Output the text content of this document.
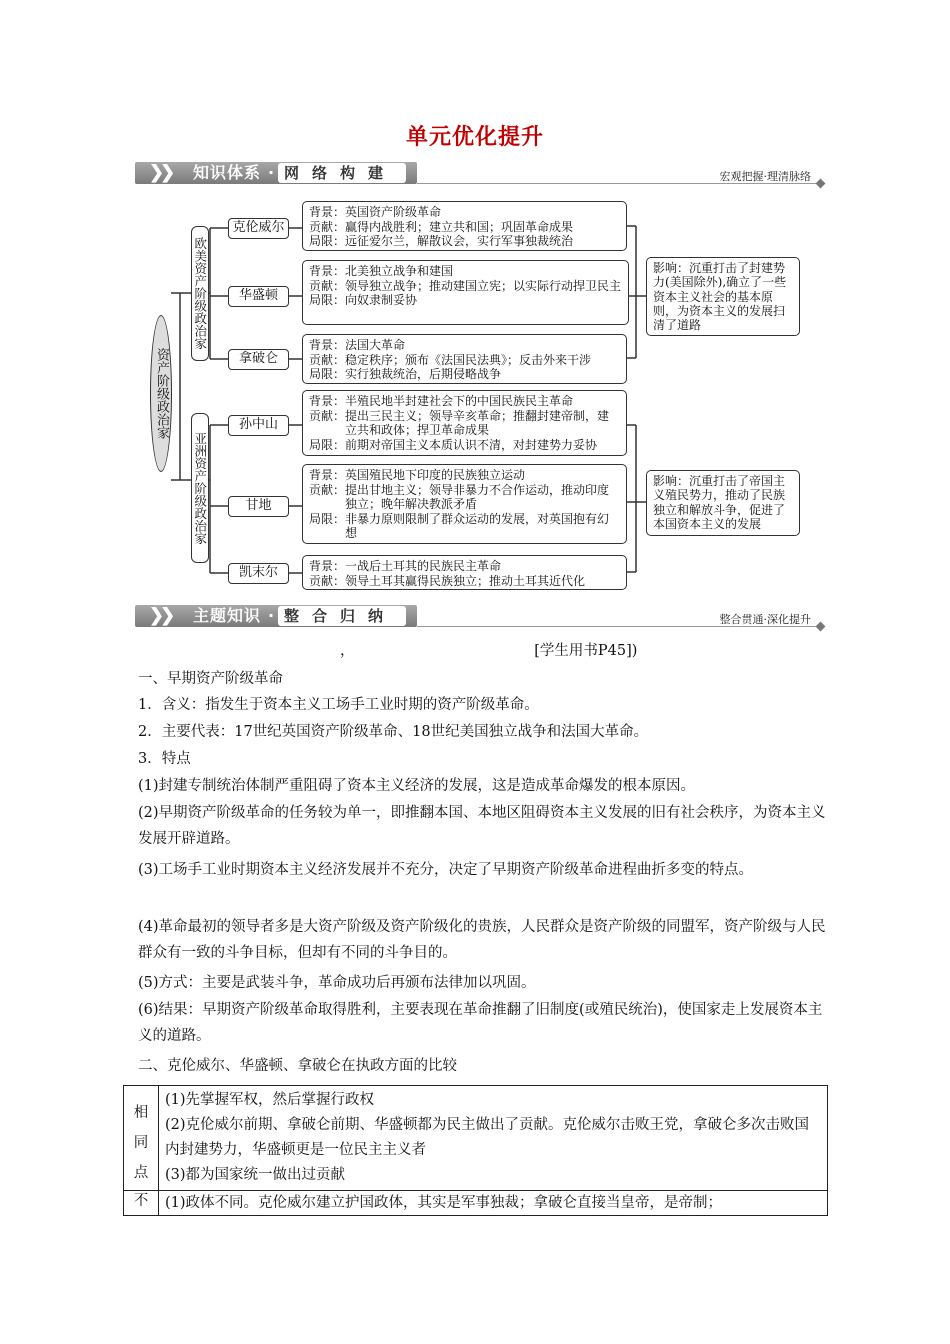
单元优化提升
❯❯ 知识体系 · 网络构建	宏观把握·理清脉络
资产阶级政治家
欧美资产阶级政治家
亚洲资产阶级政治家
克伦威尔
华盛顿
拿破仑
孙中山
甘地
凯末尔
背景：英国资产阶级革命
贡献：赢得内战胜利；建立共和国；巩固革命成果
局限：远征爱尔兰，解散议会，实行军事独裁统治
背景：北美独立战争和建国
贡献：领导独立战争；推动建国立宪；以实际行动捍卫民主
局限：向奴隶制妥协
背景：法国大革命
贡献：稳定秩序；颁布《法国民法典》；反击外来干涉
局限：实行独裁统治，后期侵略战争
背景：半殖民地半封建社会下的中国民族民主革命
贡献：提出三民主义；领导辛亥革命；推翻封建帝制，建立共和政体；捍卫革命成果
局限：前期对帝国主义本质认识不清，对封建势力妥协
背景：英国殖民地下印度的民族独立运动
贡献：提出甘地主义；领导非暴力不合作运动，推动印度独立；晚年解决教派矛盾
局限：非暴力原则限制了群众运动的发展，对英国抱有幻想
背景：一战后土耳其的民族民主革命
贡献：领导土耳其赢得民族独立；推动土耳其近代化
影响：沉重打击了封建势力(美国除外),确立了一些资本主义社会的基本原则，为资本主义的发展扫清了道路
影响：沉重打击了帝国主义殖民势力，推动了民族独立和解放斗争，促进了本国资本主义的发展
❯❯ 主题知识 · 整合归纳	整合贯通·深化提升
，                                       [学生用书P45])
一、早期资产阶级革命
1．含义：指发生于资本主义工场手工业时期的资产阶级革命。
2．主要代表：17世纪英国资产阶级革命、18世纪美国独立战争和法国大革命。
3．特点
(1)封建专制统治体制严重阻碍了资本主义经济的发展，这是造成革命爆发的根本原因。
(2)早期资产阶级革命的任务较为单一，即推翻本国、本地区阻碍资本主义发展的旧有社会秩序，为资本主义发展开辟道路。
(3)工场手工业时期资本主义经济发展并不充分，决定了早期资产阶级革命进程曲折多变的特点。
(4)革命最初的领导者多是大资产阶级及资产阶级化的贵族，人民群众是资产阶级的同盟军，资产阶级与人民群众有一致的斗争目标，但却有不同的斗争目的。
(5)方式：主要是武装斗争，革命成功后再颁布法律加以巩固。
(6)结果：早期资产阶级革命取得胜利，主要表现在革命推翻了旧制度(或殖民统治)，使国家走上发展资本主义的道路。
二、克伦威尔、华盛顿、拿破仑在执政方面的比较
相同点	(1)先掌握军权，然后掌握行政权
(2)克伦威尔前期、拿破仑前期、华盛顿都为民主做出了贡献。克伦威尔击败王党，拿破仑多次击败国内封建势力，华盛顿更是一位民主主义者
(3)都为国家统一做出过贡献

不	(1)政体不同。克伦威尔建立护国政体，其实是军事独裁；拿破仑直接当皇帝，是帝制；
